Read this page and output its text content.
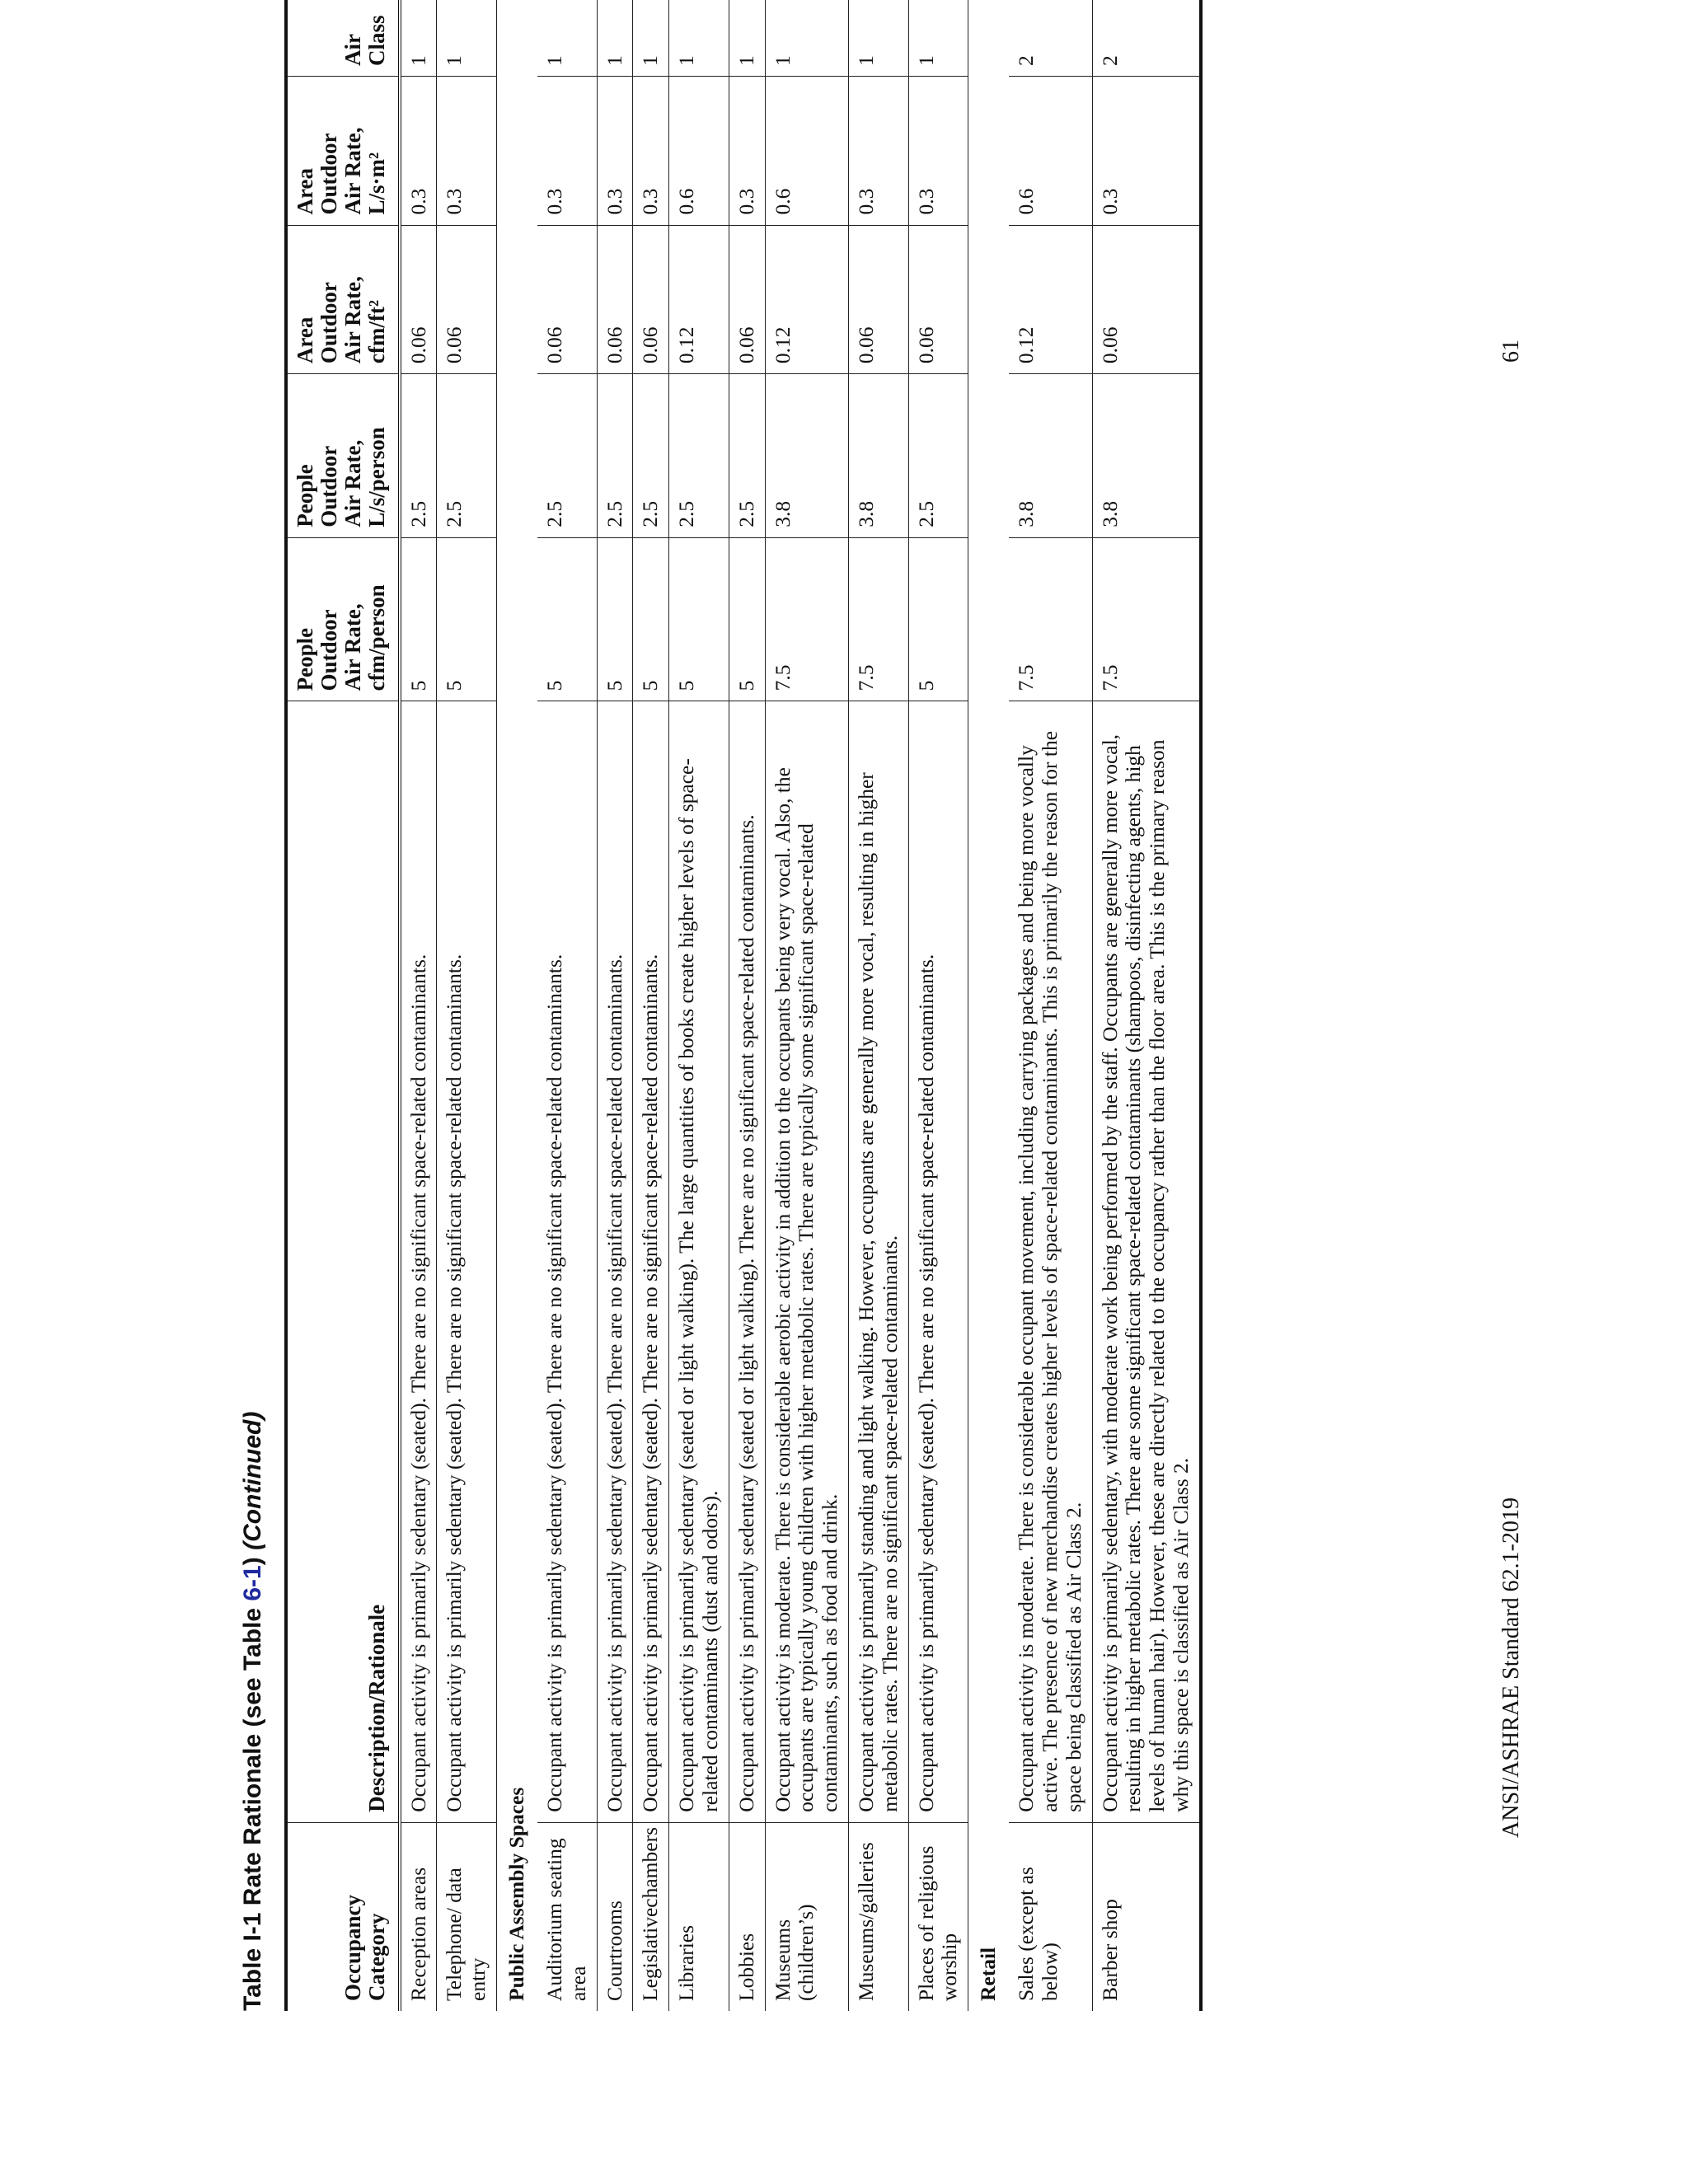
Table I-1 Rate Rationale (see Table 6-1) (Continued)
Occupancy
Category	Description/Rationale	People
Outdoor
Air Rate,
cfm/person	People
Outdoor
Air Rate,
L/s/person	Area
Outdoor
Air Rate,
cfm/ft²	Area
Outdoor
Air Rate,
L/s·m²	Air
Class
Reception areas	Occupant activity is primarily sedentary (seated). There are no significant space-related contaminants.	5	2.5	0.06	0.3	1
Telephone/ data entry	Occupant activity is primarily sedentary (seated). There are no significant space-related contaminants.	5	2.5	0.06	0.3	1
Public Assembly Spaces						
Auditorium seating area	Occupant activity is primarily sedentary (seated). There are no significant space-related contaminants.	5	2.5	0.06	0.3	1
Courtrooms	Occupant activity is primarily sedentary (seated). There are no significant space-related contaminants.	5	2.5	0.06	0.3	1
Legislativechambers	Occupant activity is primarily sedentary (seated). There are no significant space-related contaminants.	5	2.5	0.06	0.3	1
Libraries	Occupant activity is primarily sedentary (seated or light walking). The large quantities of books create higher levels of space-related contaminants (dust and odors).	5	2.5	0.12	0.6	1
Lobbies	Occupant activity is primarily sedentary (seated or light walking). There are no significant space-related contaminants.	5	2.5	0.06	0.3	1
Museums (children’s)	Occupant activity is moderate. There is considerable aerobic activity in addition to the occupants being very vocal. Also, the occupants are typically young children with higher metabolic rates. There are typically some significant space-related contaminants, such as food and drink.	7.5	3.8	0.12	0.6	1
Museums/galleries	Occupant activity is primarily standing and light walking. However, occupants are generally more vocal, resulting in higher metabolic rates. There are no significant space-related contaminants.	7.5	3.8	0.06	0.3	1
Places of religious worship	Occupant activity is primarily sedentary (seated). There are no significant space-related contaminants.	5	2.5	0.06	0.3	1
Retail						
Sales (except as below)	Occupant activity is moderate. There is considerable occupant movement, including carrying packages and being more vocally active. The presence of new merchandise creates higher levels of space-related contaminants. This is primarily the reason for the space being classified as Air Class 2.	7.5	3.8	0.12	0.6	2
Barber shop	Occupant activity is primarily sedentary, with moderate work being performed by the staff. Occupants are generally more vocal, resulting in higher metabolic rates. There are some significant space-related contaminants (shampoos, disinfecting agents, high levels of human hair). However, these are directly related to the occupancy rather than the floor area. This is the primary reason why this space is classified as Air Class 2.	7.5	3.8	0.06	0.3	2
ANSI/ASHRAE Standard 62.1-2019
61
